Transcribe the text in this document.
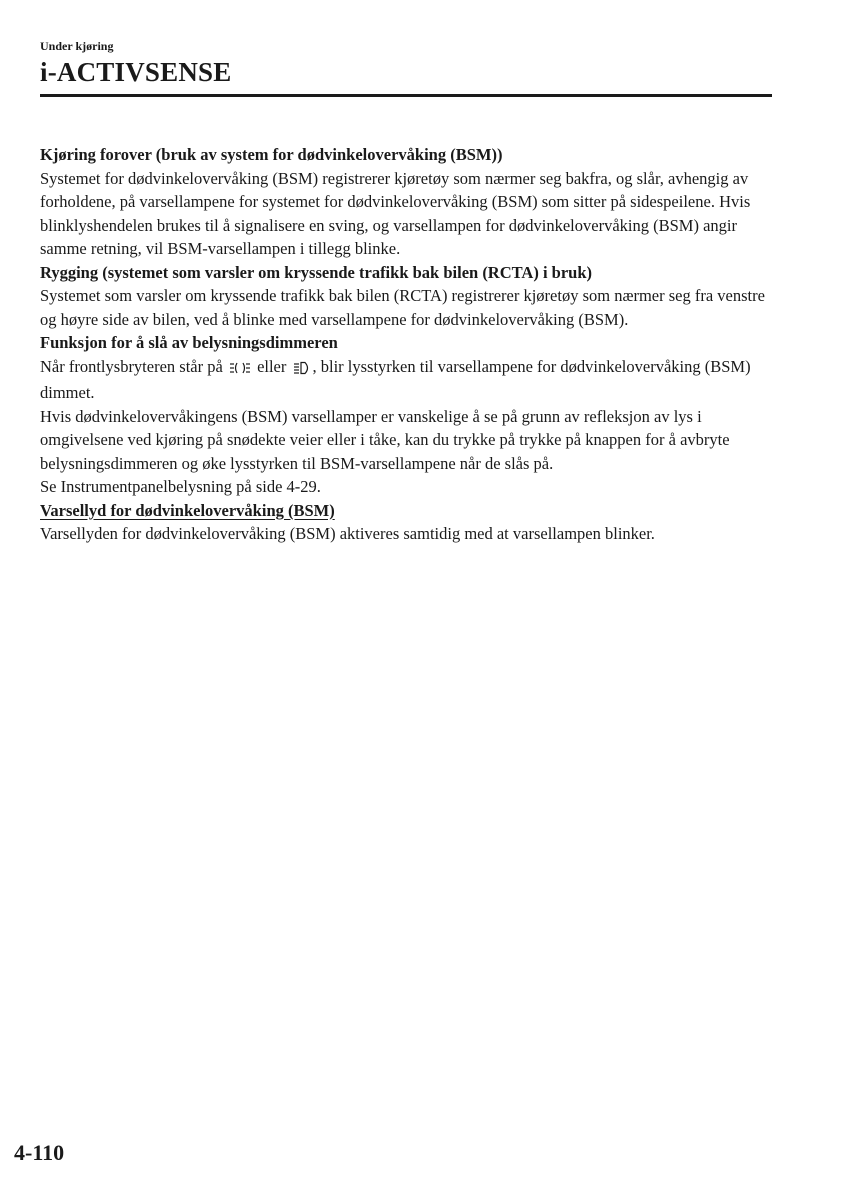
Under kjøring
i-ACTIVSENSE

Kjøring forover (bruk av system for dødvinkelovervåking (BSM))

Systemet for dødvinkelovervåking (BSM) registrerer kjøretøy som nærmer seg bakfra, og slår, avhengig av forholdene, på varsellampene for systemet for dødvinkelovervåking (BSM) som sitter på sidespeilene. Hvis blinklyshendelen brukes til å signalisere en sving, og varsellampen for dødvinkelovervåking (BSM) angir samme retning, vil BSM-varsellampen i tillegg blinke.

Rygging (systemet som varsler om kryssende trafikk bak bilen (RCTA) i bruk)

Systemet som varsler om kryssende trafikk bak bilen (RCTA) registrerer kjøretøy som nærmer seg fra venstre og høyre side av bilen, ved å blinke med varsellampene for dødvinkelovervåking (BSM).

Funksjon for å slå av belysningsdimmeren

Når frontlysbryteren står på eller , blir lysstyrken til varsellampene for dødvinkelovervåking (BSM) dimmet.

Hvis dødvinkelovervåkingens (BSM) varsellamper er vanskelige å se på grunn av refleksjon av lys i omgivelsene ved kjøring på snødekte veier eller i tåke, kan du trykke på trykke på knappen for å avbryte belysningsdimmeren og øke lysstyrken til BSM-varsellampene når de slås på.

Se Instrumentpanelbelysning på side 4-29.

Varsellyd for dødvinkelovervåking (BSM)

Varsellyden for dødvinkelovervåking (BSM) aktiveres samtidig med at varsellampen blinker.

4-110
